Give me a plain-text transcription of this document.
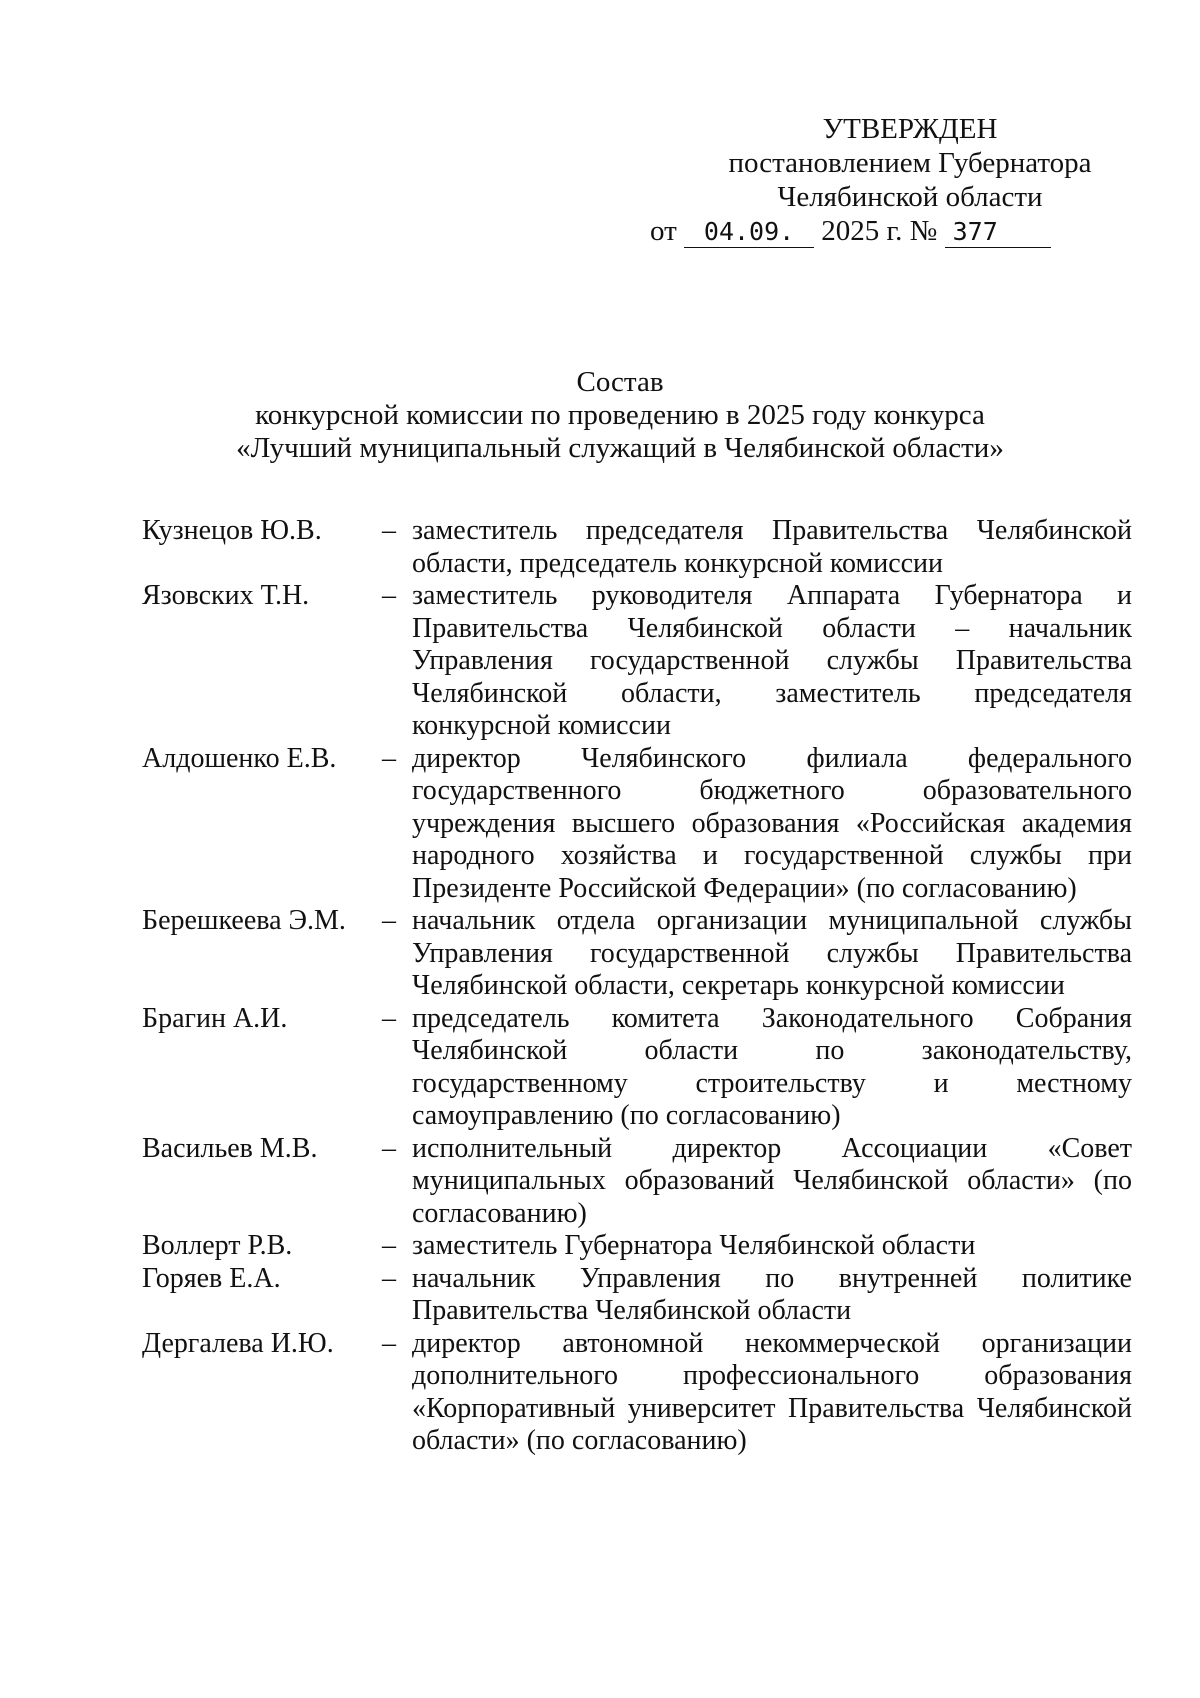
УТВЕРЖДЕН
постановлением Губернатора
Челябинской области
от 04.09. 2025 г. № 377
Состав
конкурсной комиссии по проведению в 2025 году конкурса
«Лучший муниципальный служащий в Челябинской области»
Кузнецов Ю.В.	– заместитель председателя Правительства Челябинской области, председатель конкурсной комиссии
Язовских Т.Н.	– заместитель руководителя Аппарата Губернатора и Правительства Челябинской области – начальник Управления государственной службы Правительства Челябинской области, заместитель председателя конкурсной комиссии
Алдошенко Е.В.	– директор Челябинского филиала федерального государственного бюджетного образовательного учреждения высшего образования «Российская академия народного хозяйства и государственной службы при Президенте Российской Федерации» (по согласованию)
Берешкеева Э.М.	– начальник отдела организации муниципальной службы Управления государственной службы Правительства Челябинской области, секретарь конкурсной комиссии
Брагин А.И.	– председатель комитета Законодательного Собрания Челябинской области по законодательству, государственному строительству и местному самоуправлению (по согласованию)
Васильев М.В.	– исполнительный директор Ассоциации «Совет муниципальных образований Челябинской области» (по согласованию)
Воллерт Р.В.	– заместитель Губернатора Челябинской области
Горяев Е.А.	– начальник Управления по внутренней политике Правительства Челябинской области
Дергалева И.Ю.	– директор автономной некоммерческой организации дополнительного профессионального образования «Корпоративный университет Правительства Челябинской области» (по согласованию)
